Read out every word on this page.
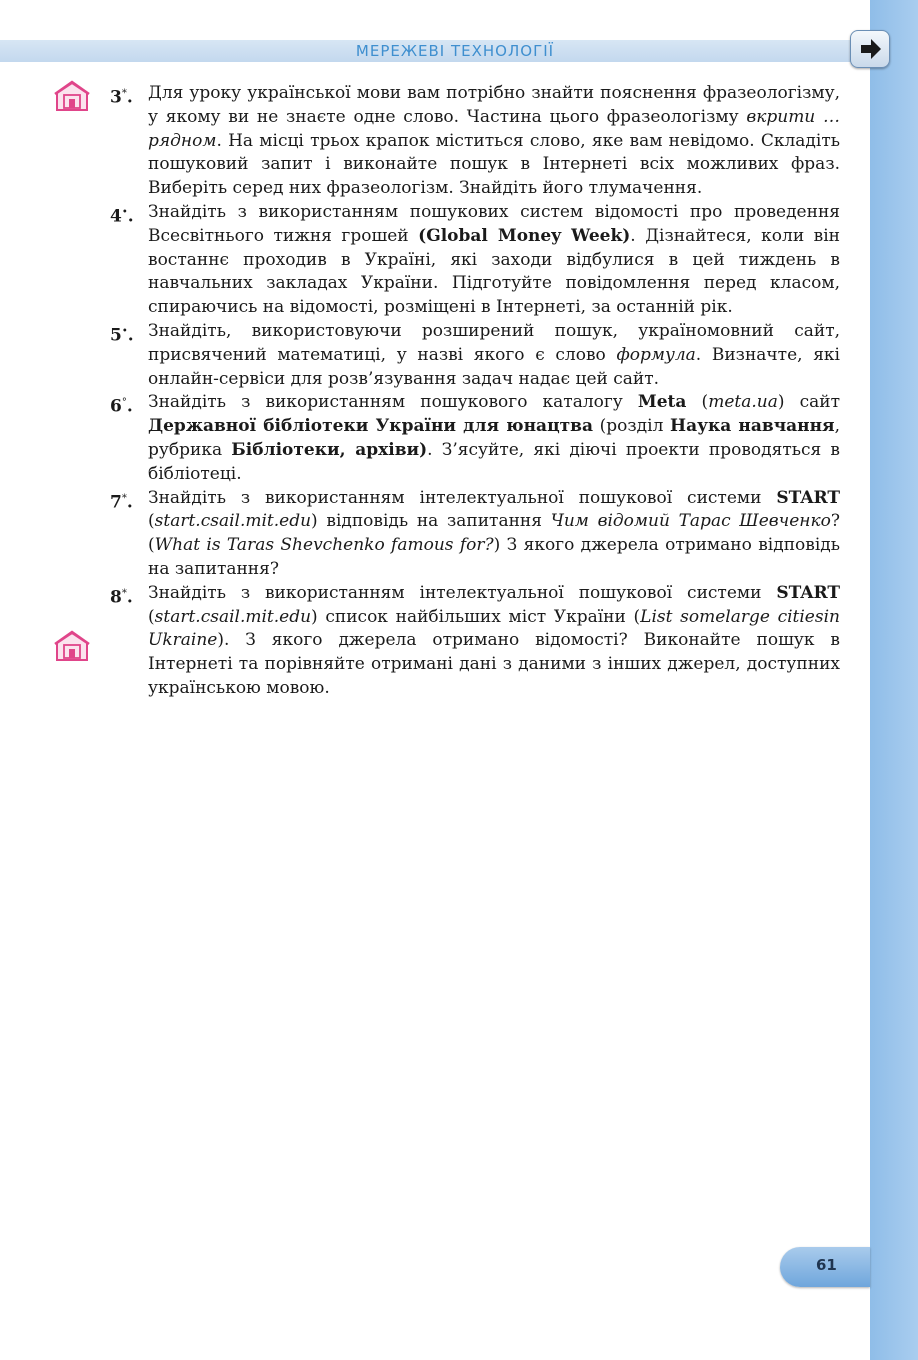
МЕРЕЖЕВІ ТЕХНОЛОГІЇ
3*. Для уроку української мови вам потрібно знайти пояснення фразеологізму, у якому ви не знаєте одне слово. Частина цього фразеологізму вкрити … рядном. На місці трьох крапок міститься слово, яке вам невідомо. Складіть пошуковий запит і виконайте пошук в Інтернеті всіх можливих фраз. Виберіть серед них фразеологізм. Знайдіть його тлумачення.
4•. Знайдіть з використанням пошукових систем відомості про проведення Всесвітнього тижня грошей (Global Money Week). Дізнайтеся, коли він востаннє проходив в Україні, які заходи відбулися в цей тиждень в навчальних закладах України. Підготуйте повідомлення перед класом, спираючись на відомості, розміщені в Інтернеті, за останній рік.
5•. Знайдіть, використовуючи розширений пошук, україномовний сайт, присвячений математиці, у назві якого є слово формула. Визначте, які онлайн-сервіси для розв’язування задач надає цей сайт.
6°. Знайдіть з використанням пошукового каталогу Meta (meta.ua) сайт Державної бібліотеки України для юнацтва (розділ Наука навчання, рубрика Бібліотеки, архіви). З’ясуйте, які діючі проекти проводяться в бібліотеці.
7*. Знайдіть з використанням інтелектуальної пошукової системи START (start.csail.mit.edu) відповідь на запитання Чим відомий Тарас Шевченко? (What is Taras Shevchenko famous for?) З якого джерела отримано відповідь на запитання?
8*. Знайдіть з використанням інтелектуальної пошукової системи START (start.csail.mit.edu) список найбільших міст України (List somelarge citiesin Ukraine). З якого джерела отримано відомості? Виконайте пошук в Інтернеті та порівняйте отримані дані з даними з інших джерел, доступних українською мовою.
61
